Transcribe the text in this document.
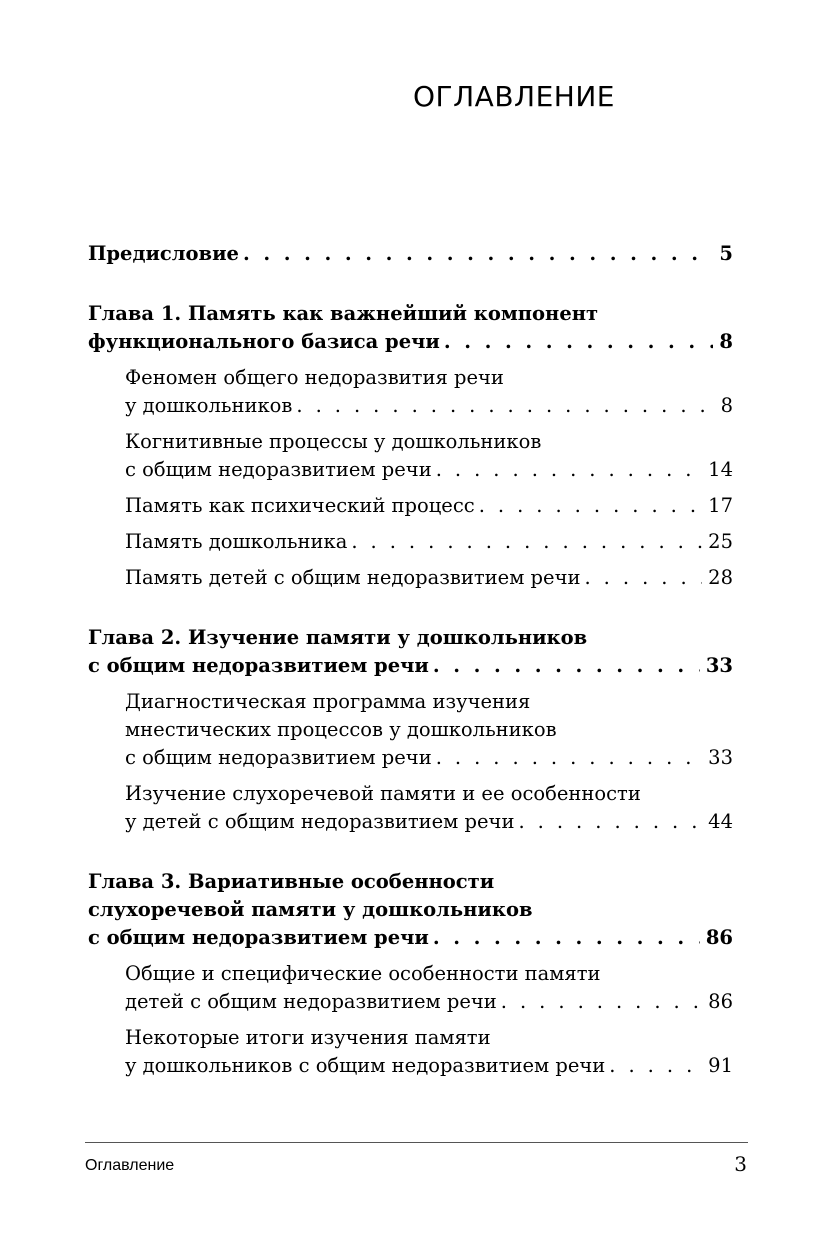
ОГЛАВЛЕНИЕ
Предисловие . . .	5
Глава 1. Память как важнейший компонент
функционального базиса речи . . .	8
Феномен общего недоразвития речи
у дошкольников . . .	8
Когнитивные процессы у дошкольников
с общим недоразвитием речи . . .	14
Память как психический процесс . . .	17
Память дошкольника . . .	25
Память детей с общим недоразвитием речи . . .	28
Глава 2. Изучение памяти у дошкольников
с общим недоразвитием речи . . .	33
Диагностическая программа изучения
мнестических процессов у дошкольников
с общим недоразвитием речи . . .	33
Изучение слухоречевой памяти и ее особенности
у детей с общим недоразвитием речи . . .	44
Глава 3. Вариативные особенности
слухоречевой памяти у дошкольников
с общим недоразвитием речи . . .	86
Общие и специфические особенности памяти
детей с общим недоразвитием речи . . .	86
Некоторые итоги изучения памяти
у дошкольников с общим недоразвитием речи . . .	91
Оглавление	3
